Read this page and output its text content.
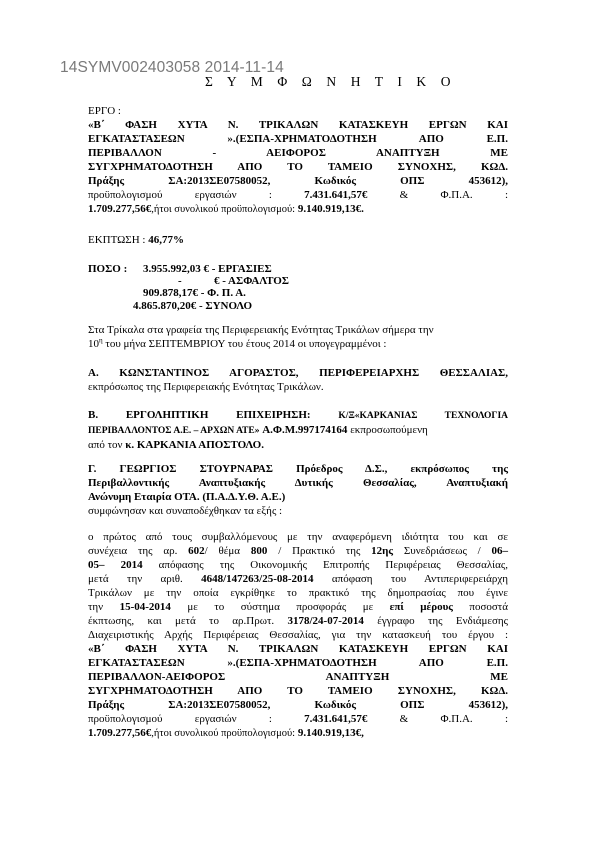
14SYMV002403058 2014-11-14
Σ Υ Μ Φ Ω Ν Η Τ Ι Κ Ο

ΕΡΓΟ :

«Β΄ ΦΑΣΗ ΧΥΤΑ Ν. ΤΡΙΚΑΛΩΝ ΚΑΤΑΣΚΕΥΗ ΕΡΓΩΝ ΚΑΙ

ΕΓΚΑΤΑΣΤΑΣΕΩΝ ».(ΕΣΠΑ-ΧΡΗΜΑΤΟΔΟΤΗΣΗ ΑΠΟ Ε.Π.

ΠΕΡΙΒΑΛΛΟΝ - ΑΕΙΦΟΡΟΣ ΑΝΑΠΤΥΞΗ ΜΕ

ΣΥΓΧΡΗΜΑΤΟΔΟΤΗΣΗ ΑΠΟ ΤΟ ΤΑΜΕΙΟ ΣΥΝΟΧΗΣ, ΚΩΔ.

Πράξης ΣΑ:2013ΣΕ07580052, Κωδικός ΟΠΣ 453612),

προϋπολογισμού εργασιών :	7.431.641,57€	&	Φ.Π.Α. :

1.709.277,56€,ήτοι συνολικού προϋπολογισμού: 9.140.919,13€.

ΕΚΠΤΩΣΗ : 46,77%
ΠΟΣΟ : 3.955.992,03 € - ΕΡΓΑΣΙΕΣ
-	€ - ΑΣΦΑΛΤΟΣ
909.878,17€ - Φ. Π. Α.
4.865.870,20€ - ΣΥΝΟΛΟ
Στα Τρίκαλα στα γραφεία της Περιφερειακής Ενότητας Τρικάλων σήμερα την
$10^\eta$ του μήνα ΣΕΠΤΕΜΒΡΙΟΥ του έτους 2014 οι υπογεγραμμένοι :

Α. ΚΩΝΣΤΑΝΤΙΝΟΣ ΑΓΟΡΑΣΤΟΣ, ΠΕΡΙΦΕΡΕΙΑΡΧΗΣ ΘΕΣΣΑΛΙΑΣ,

εκπρόσωπος της Περιφερειακής Ενότητας Τρικάλων.

Β. ΕΡΓΟΛΗΠΤΙΚΗ ΕΠΙΧΕΙΡΗΣΗ:	Κ/Ξ«ΚΑΡΚΑΝΙΑΣ ΤΕΧΝΟΛΟΓΙΑ

ΠΕΡΙΒΑΛΛΟΝΤΟΣ Α.Ε. – ΑΡΧΩΝ ΑΤΕ» Α.Φ.Μ.997174164 εκπροσωπούμενη

από τον κ. ΚΑΡΚΑΝΙΑ ΑΠΟΣΤΟΛΟ.

Γ. ΓΕΩΡΓΙΟΣ ΣΤΟΥΡΝΑΡΑΣ Πρόεδρος Δ.Σ., εκπρόσωπος της

Περιβαλλοντικής Αναπτυξιακής Δυτικής Θεσσαλίας, Αναπτυξιακή

Ανώνυμη Εταιρία ΟΤΑ. (Π.Α.Δ.Υ.Θ. Α.Ε.)

συμφώνησαν και συναποδέχθηκαν τα εξής :

ο πρώτος από τους συμβαλλόμενους με την αναφερόμενη ιδιότητα του και σε

συνέχεια της αρ. 602/ θέμα 800 / Πρακτικό της 12ης Συνεδριάσεως / 06–

05– 2014 απόφασης της Οικονομικής Επιτροπής Περιφέρειας Θεσσαλίας,

μετά την αριθ. 4648/147263/25-08-2014 απόφαση του Αντιπεριφερειάρχη

Τρικάλων με την οποία εγκρίθηκε το πρακτικό της δημοπρασίας που έγινε

την 15-04-2014 με το σύστημα προσφοράς με επί μέρους ποσοστά

έκπτωσης, και μετά το αρ.Πρωτ. 3178/24-07-2014 έγγραφο της Ενδιάμεσης

Διαχειριστικής Αρχής Περιφέρειας Θεσσαλίας, για την κατασκευή του έργου :

«Β΄ ΦΑΣΗ ΧΥΤΑ Ν. ΤΡΙΚΑΛΩΝ ΚΑΤΑΣΚΕΥΗ ΕΡΓΩΝ ΚΑΙ

ΕΓΚΑΤΑΣΤΑΣΕΩΝ ».(ΕΣΠΑ-ΧΡΗΜΑΤΟΔΟΤΗΣΗ ΑΠΟ Ε.Π.

ΠΕΡΙΒΑΛΛΟΝ-ΑΕΙΦΟΡΟΣ ΑΝΑΠΤΥΞΗ ΜΕ

ΣΥΓΧΡΗΜΑΤΟΔΟΤΗΣΗ ΑΠΟ ΤΟ ΤΑΜΕΙΟ ΣΥΝΟΧΗΣ, ΚΩΔ.

Πράξης ΣΑ:2013ΣΕ07580052, Κωδικός ΟΠΣ 453612),

προϋπολογισμού εργασιών :	7.431.641,57€	&	Φ.Π.Α. :

1.709.277,56€,ήτοι συνολικού προϋπολογισμού: 9.140.919,13€,
